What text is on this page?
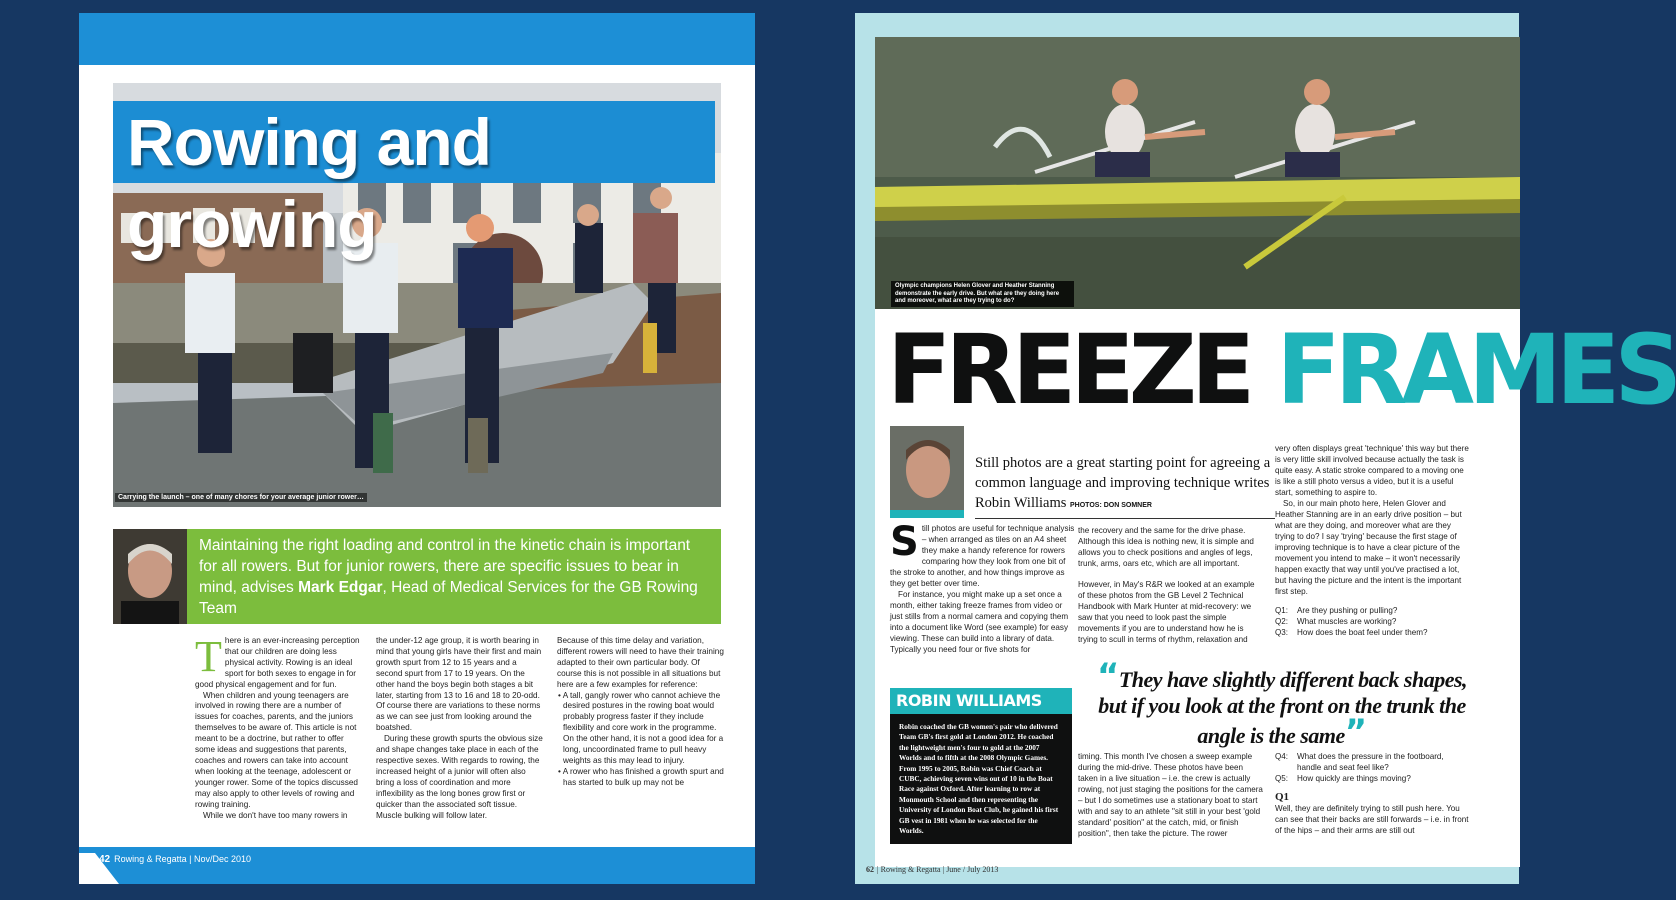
Rowing and growing
Carrying the launch – one of many chores for your average junior rower…
Maintaining the right loading and control in the kinetic chain is important for all rowers. But for junior rowers, there are specific issues to bear in mind, advises Mark Edgar, Head of Medical Services for the GB Rowing Team

There is an ever-increasing perception that our children are doing less physical activity. Rowing is an ideal sport for both sexes to engage in for good physical engagement and for fun.

When children and young teenagers are involved in rowing there are a number of issues for coaches, parents, and the juniors themselves to be aware of. This article is not meant to be a doctrine, but rather to offer some ideas and suggestions that parents, coaches and rowers can take into account when looking at the teenage, adolescent or younger rower. Some of the topics discussed may also apply to other levels of rowing and rowing training.

While we don't have too many rowers in

the under-12 age group, it is worth bearing in mind that young girls have their first and main growth spurt from 12 to 15 years and a second spurt from 17 to 19 years. On the other hand the boys begin both stages a bit later, starting from 13 to 16 and 18 to 20-odd. Of course there are variations to these norms as we can see just from looking around the boatshed.

During these growth spurts the obvious size and shape changes take place in each of the respective sexes. With regards to rowing, the increased height of a junior will often also bring a loss of coordination and more inflexibility as the long bones grow first or quicker than the associated soft tissue. Muscle bulking will follow later.

Because of this time delay and variation, different rowers will need to have their training adapted to their own particular body. Of course this is not possible in all situations but here are a few examples for reference:

• A tall, gangly rower who cannot achieve the desired postures in the rowing boat would probably progress faster if they include flexibility and core work in the programme. On the other hand, it is not a good idea for a long, uncoordinated frame to pull heavy weights as this may lead to injury.
• A rower who has finished a growth spurt and has started to bulk up may not be
42 Rowing & Regatta | Nov/Dec 2010
Olympic champions Helen Glover and Heather Stanning demonstrate the early drive. But what are they doing here and moreover, what are they trying to do?
FREEZE FRAMES
Still photos are a great starting point for agreeing a common language and improving technique writes Robin Williams PHOTOS: DON SOMNER

Still photos are useful for technique analysis – when arranged as tiles on an A4 sheet they make a handy reference for rowers comparing how they look from one bit of the stroke to another, and how things improve as they get better over time.

For instance, you might make up a set once a month, either taking freeze frames from video or just stills from a normal camera and copying them into a document like Word (see example) for easy viewing. These can build into a library of data. Typically you need four or five shots for

the recovery and the same for the drive phase. Although this idea is nothing new, it is simple and allows you to check positions and angles of legs, trunk, arms, oars etc, which are all important.

However, in May's R&R we looked at an example of these photos from the GB Level 2 Technical Handbook with Mark Hunter at mid-recovery: we saw that you need to look past the simple movements if you are to understand how he is trying to scull in terms of rhythm, relaxation and

very often displays great 'technique' this way but there is very little skill involved because actually the task is quite easy. A static stroke compared to a moving one is like a still photo versus a video, but it is a useful start, something to aspire to.

So, in our main photo here, Helen Glover and Heather Stanning are in an early drive position – but what are they doing, and moreover what are they trying to do? I say 'trying' because the first stage of improving technique is to have a clear picture of the movement you intend to make – it won't necessarily happen exactly that way until you've practised a lot, but having the picture and the intent is the important first step.

Q1:	Are they pushing or pulling?
Q2:	What muscles are working?
Q3:	How does the boat feel under them?
ROBIN WILLIAMS
Robin coached the GB women's pair who delivered Team GB's first gold at London 2012. He coached the lightweight men's four to gold at the 2007 Worlds and to fifth at the 2008 Olympic Games. From 1995 to 2005, Robin was Chief Coach at CUBC, achieving seven wins out of 10 in the Boat Race against Oxford. After learning to row at Monmouth School and then representing the University of London Boat Club, he gained his first GB vest in 1981 when he was selected for the Worlds.
“They have slightly different back shapes, but if you look at the front on the trunk the angle is the same”

timing. This month I've chosen a sweep example during the mid-drive. These photos have been taken in a live situation – i.e. the crew is actually rowing, not just staging the positions for the camera – but I do sometimes use a stationary boat to start with and say to an athlete "sit still in your best 'gold standard' position" at the catch, mid, or finish position", then take the picture. The rower

Q4:	What does the pressure in the footboard, handle and seat feel like?
Q5:	How quickly are things moving?

Q1

Well, they are definitely trying to still push here. You can see that their backs are still forwards – i.e. in front of the hips – and their arms are still out

62 | Rowing & Regatta | June / July 2013
